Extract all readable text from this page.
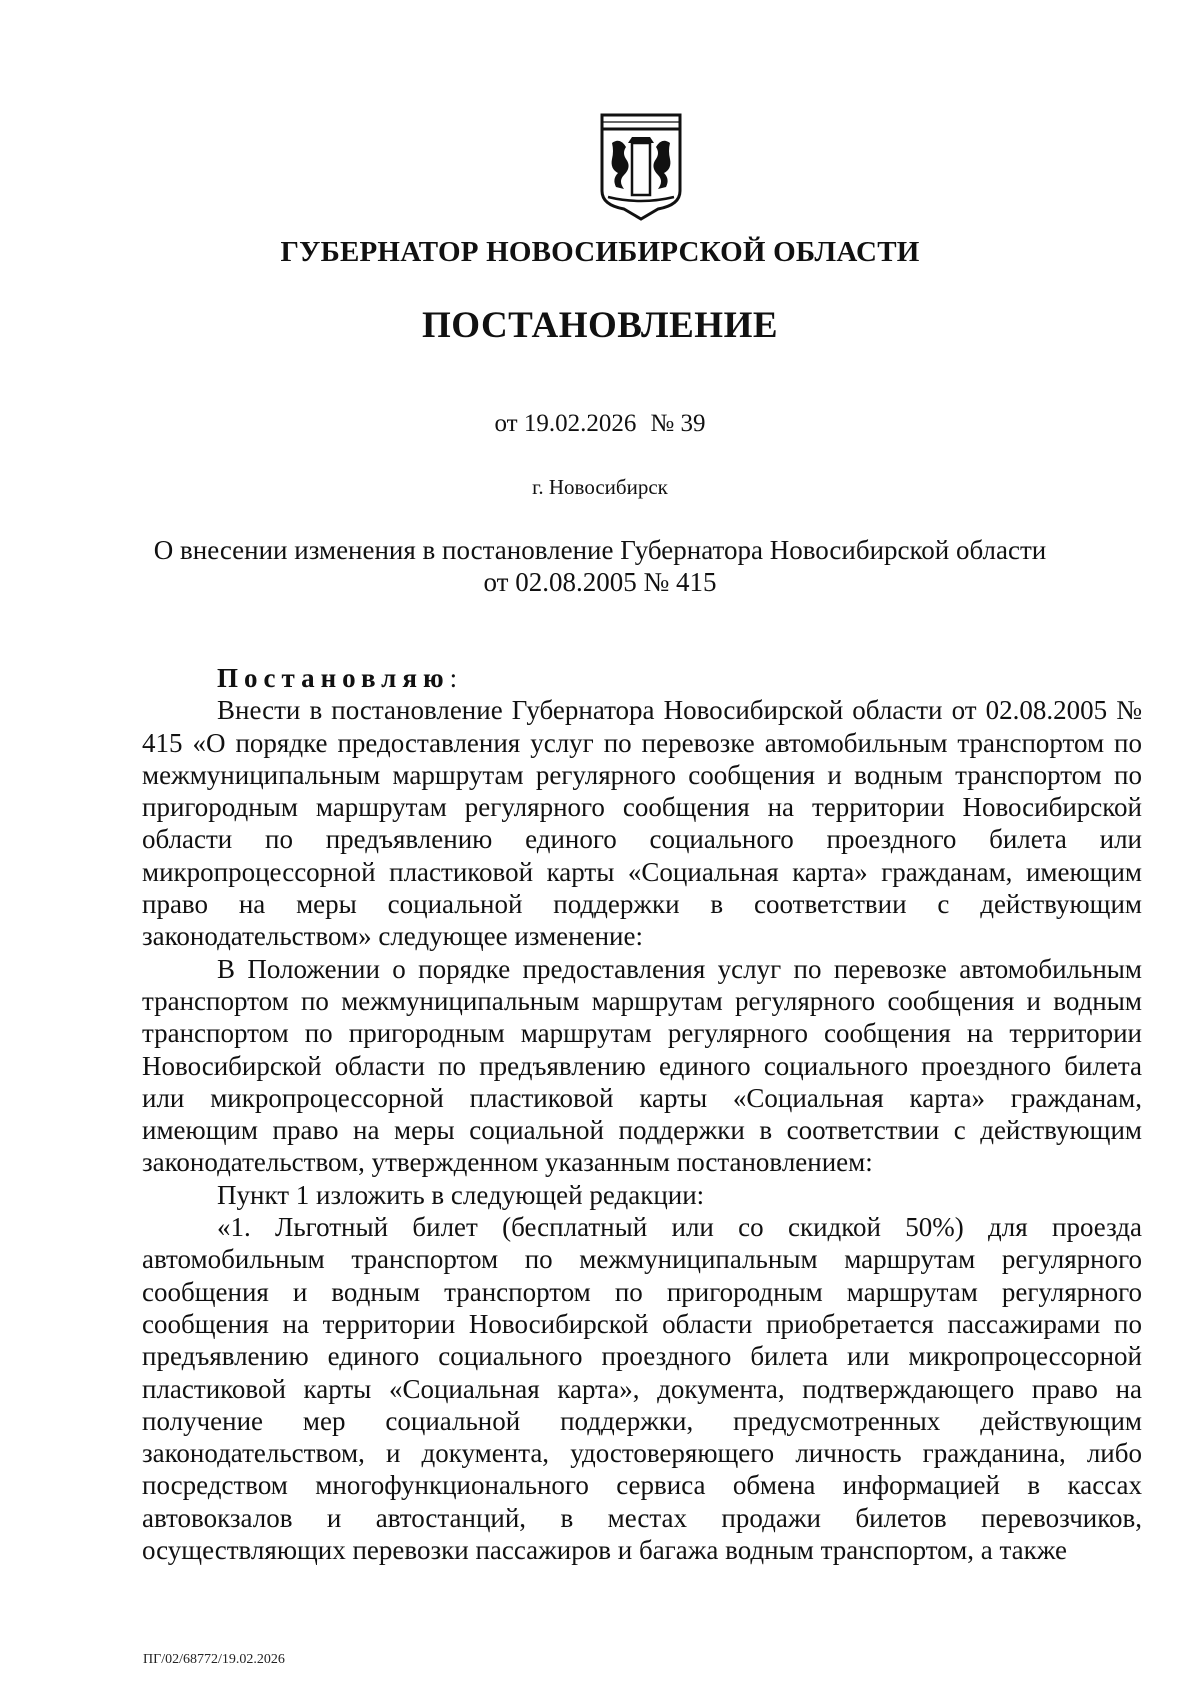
ГУБЕРНАТОР НОВОСИБИРСКОЙ ОБЛАСТИ
ПОСТАНОВЛЕНИЕ
от 19.02.2026 № 39
г. Новосибирск
О внесении изменения в постановление Губернатора Новосибирской области
от 02.08.2005 № 415

Постановляю:

Внести в постановление Губернатора Новосибирской области от 02.08.2005 № 415 «О порядке предоставления услуг по перевозке автомобильным транспортом по межмуниципальным маршрутам регулярного сообщения и водным транспортом по пригородным маршрутам регулярного сообщения на территории Новосибирской области по предъявлению единого социального проездного билета или микропроцессорной пластиковой карты «Социальная карта» гражданам, имеющим право на меры социальной поддержки в соответствии с действующим законодательством» следующее изменение:

В Положении о порядке предоставления услуг по перевозке автомобильным транспортом по межмуниципальным маршрутам регулярного сообщения и водным транспортом по пригородным маршрутам регулярного сообщения на территории Новосибирской области по предъявлению единого социального проездного билета или микропроцессорной пластиковой карты «Социальная карта» гражданам, имеющим право на меры социальной поддержки в соответствии с действующим законодательством, утвержденном указанным постановлением:

Пункт 1 изложить в следующей редакции:

«1. Льготный билет (бесплатный или со скидкой 50%) для проезда автомобильным транспортом по межмуниципальным маршрутам регулярного сообщения и водным транспортом по пригородным маршрутам регулярного сообщения на территории Новосибирской области приобретается пассажирами по предъявлению единого социального проездного билета или микропроцессорной пластиковой карты «Социальная карта», документа, подтверждающего право на получение мер социальной поддержки, предусмотренных действующим законодательством, и документа, удостоверяющего личность гражданина, либо посредством многофункционального сервиса обмена информацией в кассах автовокзалов и автостанций, в местах продажи билетов перевозчиков, осуществляющих перевозки пассажиров и багажа водным транспортом, а также

ПГ/02/68772/19.02.2026
